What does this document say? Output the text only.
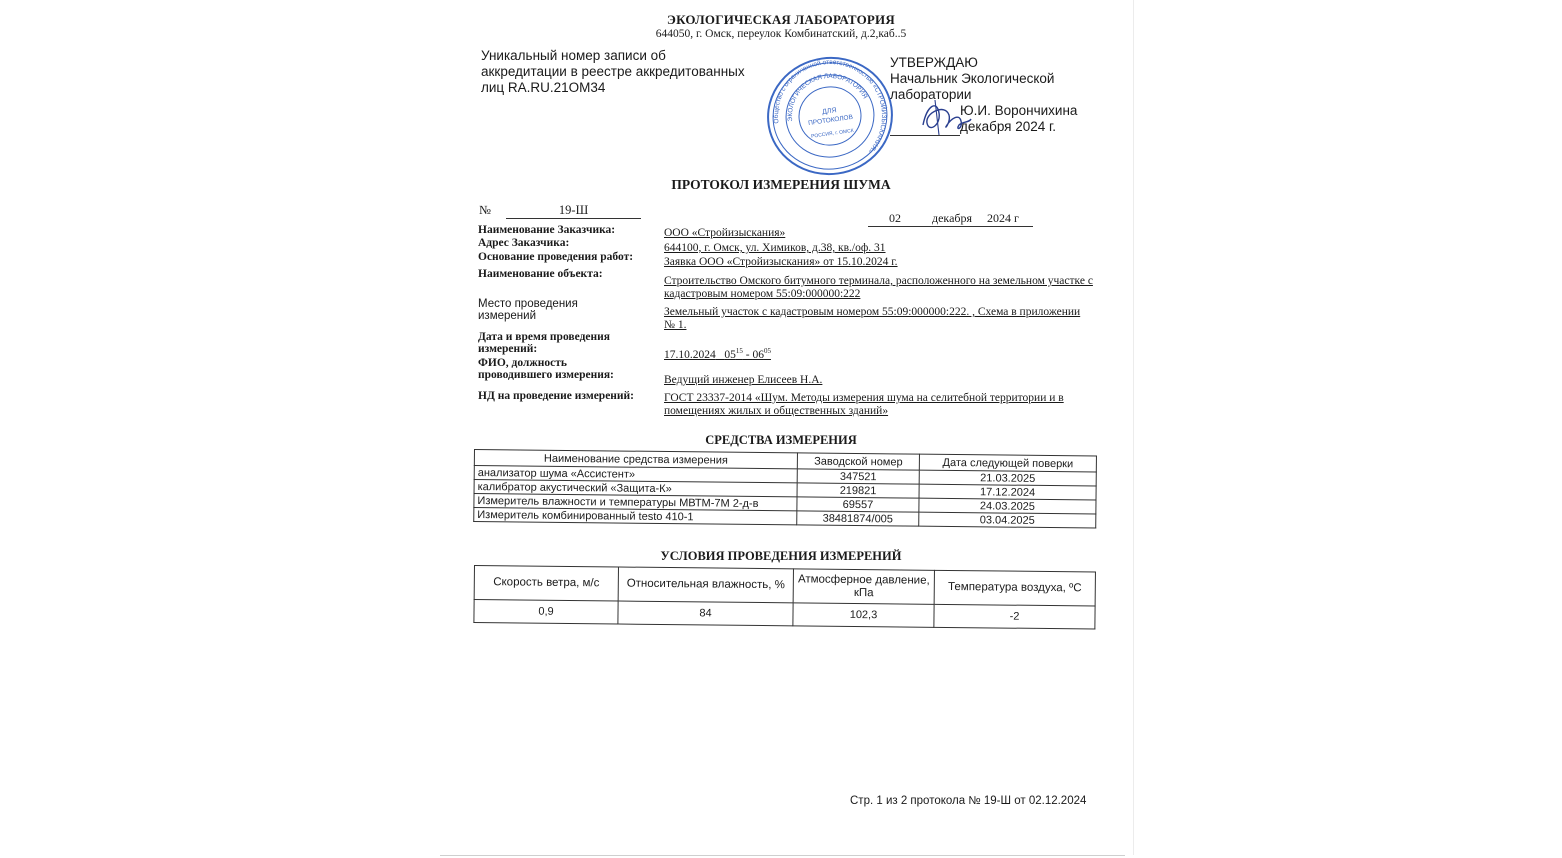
ЭКОЛОГИЧЕСКАЯ ЛАБОРАТОРИЯ
644050, г. Омск, переулок Комбинатский, д.2,каб..5
Уникальный номер записи об
аккредитации в реестре аккредитованных
лиц RA.RU.21OM34
Общество с ограниченной ответственностью «СТРОЙИЗЫСКАНИЯ»
ЭКОЛОГИЧЕСКАЯ ЛАБОРАТОРИЯ
ДЛЯ
ПРОТОКОЛОВ
РОССИЯ, г. ОМСК
УТВЕРЖДАЮ
Начальник Экологической
лаборатории
Ю.И. Ворончихина
декабря 2024 г.
ПРОТОКОЛ ИЗМЕРЕНИЯ ШУМА
№	19-Ш
02	декабря 2024 г
Наименование Заказчика:	ООО «Стройизыскания»
Адрес Заказчика:	644100, г. Омск, ул. Химиков, д.38, кв./оф. 31
Основание проведения работ:	Заявка ООО «Стройизыскания» от 15.10.2024 г.
Наименование объекта:
Строительство Омского битумного терминала, расположенного на земельном участке с кадастровым номером 55:09:000000:222
Место проведения
измерений	Земельный участок с кадастровым номером 55:09:000000:222. , Схема в приложении № 1.
Дата и время проведения
измерений:	17.10.2024 $05^{15} - 06^{05}$
ФИО, должность
проводившего измерения:	Ведущий инженер Елисеев Н.А.
НД на проведение измерений:	ГОСТ 23337-2014 «Шум. Методы измерения шума на селитебной территории и в помещениях жилых и общественных зданий»
СРЕДСТВА ИЗМЕРЕНИЯ
Наименование средства измерения	Заводской номер	Дата следующей поверки
анализатор шума «Ассистент»	347521	21.03.2025
калибратор акустический «Защита-К»	219821	17.12.2024
Измеритель влажности и температуры МВТМ-7М 2-д-в	69557	24.03.2025
Измеритель комбинированный testo 410-1	38481874/005	03.04.2025
УСЛОВИЯ ПРОВЕДЕНИЯ ИЗМЕРЕНИЙ
Скорость ветра, м/с	Относительная влажность, %	Атмосферное давление, кПа	Температура воздуха, ºС
0,9	84	102,3	-2
Стр. 1 из 2 протокола № 19-Ш от 02.12.2024
